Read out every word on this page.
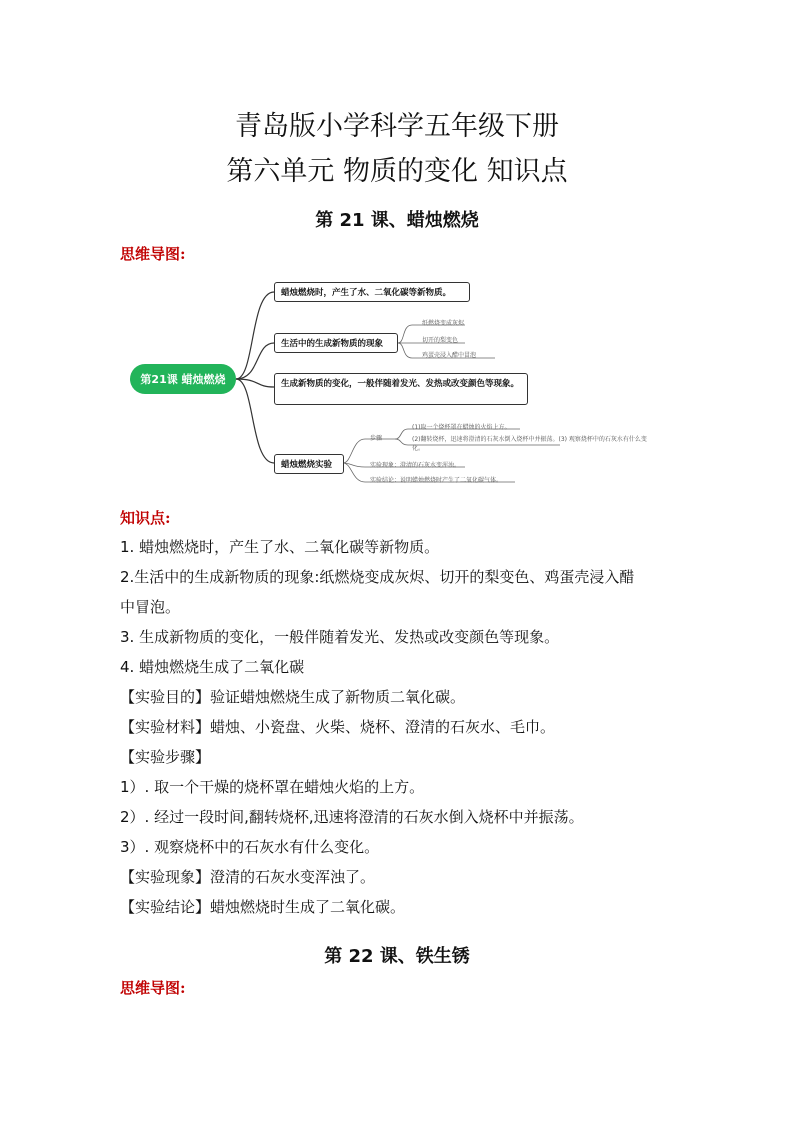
青岛版小学科学五年级下册
第六单元 物质的变化 知识点
第 21 课、蜡烛燃烧
思维导图:
第21课 蜡烛燃烧
蜡烛燃烧时，产生了水、二氧化碳等新物质。
生活中的生成新物质的现象
纸燃烧变成灰烬
切开的梨变色
鸡蛋壳浸入醋中冒泡
生成新物质的变化，一般伴随着发光、发热或改变颜色等现象。
蜡烛燃烧实验
步骤
(1)取一个烧杯罩在蜡烛的火焰上方。
(2)翻转烧杯，迅速将澄清的石灰水倒入烧杯中并振荡。(3) 观察烧杯中的石灰水有什么变化。
实验现象：澄清的石灰水变浑浊。
实验结论：说明蜡烛燃烧时产生了二氧化碳气体。
知识点:
1. 蜡烛燃烧时，产生了水、二氧化碳等新物质。
2.生活中的生成新物质的现象:纸燃烧变成灰烬、切开的梨变色、鸡蛋壳浸入醋
中冒泡。
3. 生成新物质的变化，一般伴随着发光、发热或改变颜色等现象。
4. 蜡烛燃烧生成了二氧化碳
【实验目的】验证蜡烛燃烧生成了新物质二氧化碳。
【实验材料】蜡烛、小瓷盘、火柴、烧杯、澄清的石灰水、毛巾。
【实验步骤】
1）. 取一个干燥的烧杯罩在蜡烛火焰的上方。
2）. 经过一段时间,翻转烧杯,迅速将澄清的石灰水倒入烧杯中并振荡。
3）. 观察烧杯中的石灰水有什么变化。
【实验现象】澄清的石灰水变浑浊了。
【实验结论】蜡烛燃烧时生成了二氧化碳。
第 22 课、铁生锈
思维导图:
